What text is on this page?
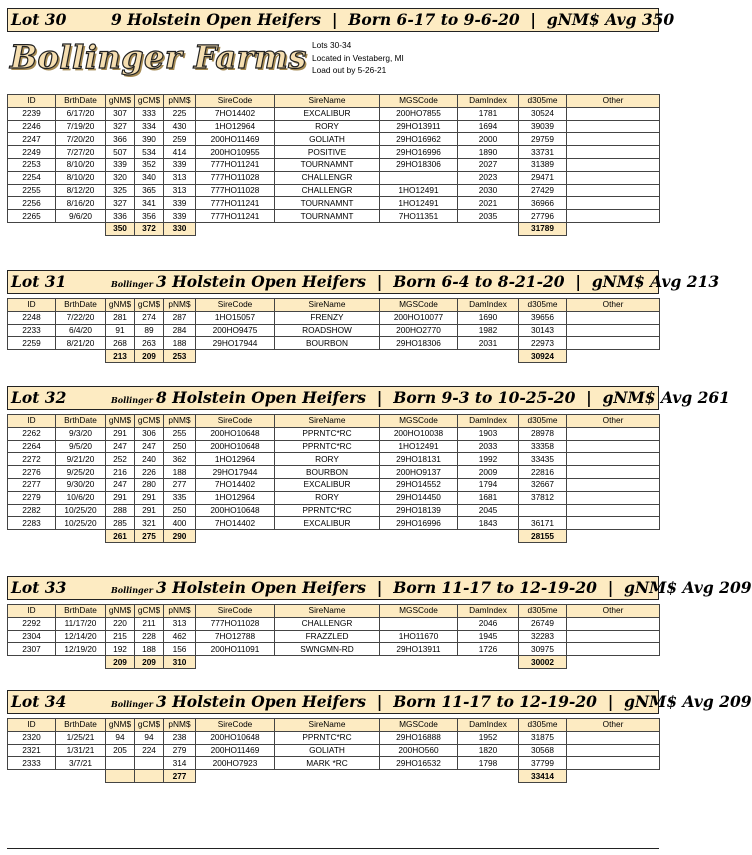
Bollinger Farms Lots 30-34
Located in Vestaberg, MI
Load out by 5-26-21
Lot 30	9 Holstein Open Heifers  |  Born 6-17 to 9-6-20  |  gNM$ Avg 350
ID	BrthDate	gNM$	gCM$	pNM$	SireCode	SireName	MGSCode	DamIndex	d305me	Other
2239	6/17/20	307	333	225	7HO14402	EXCALIBUR	200HO7855	1781	30524	
2246	7/19/20	327	334	430	1HO12964	RORY	29HO13911	1694	39039	
2247	7/20/20	366	390	259	200HO11469	GOLIATH	29HO16962	2000	29759	
2249	7/27/20	507	534	414	200HO10955	POSITIVE	29HO16996	1890	33731	
2253	8/10/20	339	352	339	777HO11241	TOURNAMNT	29HO18306	2027	31389	
2254	8/10/20	320	340	313	777HO11028	CHALLENGR		2023	29471	
2255	8/12/20	325	365	313	777HO11028	CHALLENGR	1HO12491	2030	27429	
2256	8/16/20	327	341	339	777HO11241	TOURNAMNT	1HO12491	2021	36966	
2265	9/6/20	336	356	339	777HO11241	TOURNAMNT	7HO11351	2035	27796	
		350	372	330					31789	
Lot 31	Bollinger 3 Holstein Open Heifers  |  Born 6-4 to 8-21-20  |  gNM$ Avg 213
ID	BrthDate	gNM$	gCM$	pNM$	SireCode	SireName	MGSCode	DamIndex	d305me	Other
2248	7/22/20	281	274	287	1HO15057	FRENZY	200HO10077	1690	39656	
2233	6/4/20	91	89	284	200HO9475	ROADSHOW	200HO2770	1982	30143	
2259	8/21/20	268	263	188	29HO17944	BOURBON	29HO18306	2031	22973	
		213	209	253					30924	
Lot 32	Bollinger 8 Holstein Open Heifers  |  Born 9-3 to 10-25-20  |  gNM$ Avg 261
ID	BrthDate	gNM$	gCM$	pNM$	SireCode	SireName	MGSCode	DamIndex	d305me	Other
2262	9/3/20	291	306	255	200HO10648	PPRNTC*RC	200HO10038	1903	28978	
2264	9/5/20	247	247	250	200HO10648	PPRNTC*RC	1HO12491	2033	33358	
2272	9/21/20	252	240	362	1HO12964	RORY	29HO18131	1992	33435	
2276	9/25/20	216	226	188	29HO17944	BOURBON	200HO9137	2009	22816	
2277	9/30/20	247	280	277	7HO14402	EXCALIBUR	29HO14552	1794	32667	
2279	10/6/20	291	291	335	1HO12964	RORY	29HO14450	1681	37812	
2282	10/25/20	288	291	250	200HO10648	PPRNTC*RC	29HO18139	2045		
2283	10/25/20	285	321	400	7HO14402	EXCALIBUR	29HO16996	1843	36171	
		261	275	290					28155	
Lot 33	Bollinger 3 Holstein Open Heifers  |  Born 11-17 to 12-19-20  |  gNM$ Avg 209
ID	BrthDate	gNM$	gCM$	pNM$	SireCode	SireName	MGSCode	DamIndex	d305me	Other
2292	11/17/20	220	211	313	777HO11028	CHALLENGR		2046	26749	
2304	12/14/20	215	228	462	7HO12788	FRAZZLED	1HO11670	1945	32283	
2307	12/19/20	192	188	156	200HO11091	SWNGMN-RD	29HO13911	1726	30975	
		209	209	310					30002	
Lot 34	Bollinger 3 Holstein Open Heifers  |  Born 11-17 to 12-19-20  |  gNM$ Avg 209
ID	BrthDate	gNM$	gCM$	pNM$	SireCode	SireName	MGSCode	DamIndex	d305me	Other
2320	1/25/21	94	94	238	200HO10648	PPRNTC*RC	29HO16888	1952	31875	
2321	1/31/21	205	224	279	200HO11469	GOLIATH	200HO560	1820	30568	
2333	3/7/21			314	200HO7923	MARK *RC	29HO16532	1798	37799	
				277					33414	
